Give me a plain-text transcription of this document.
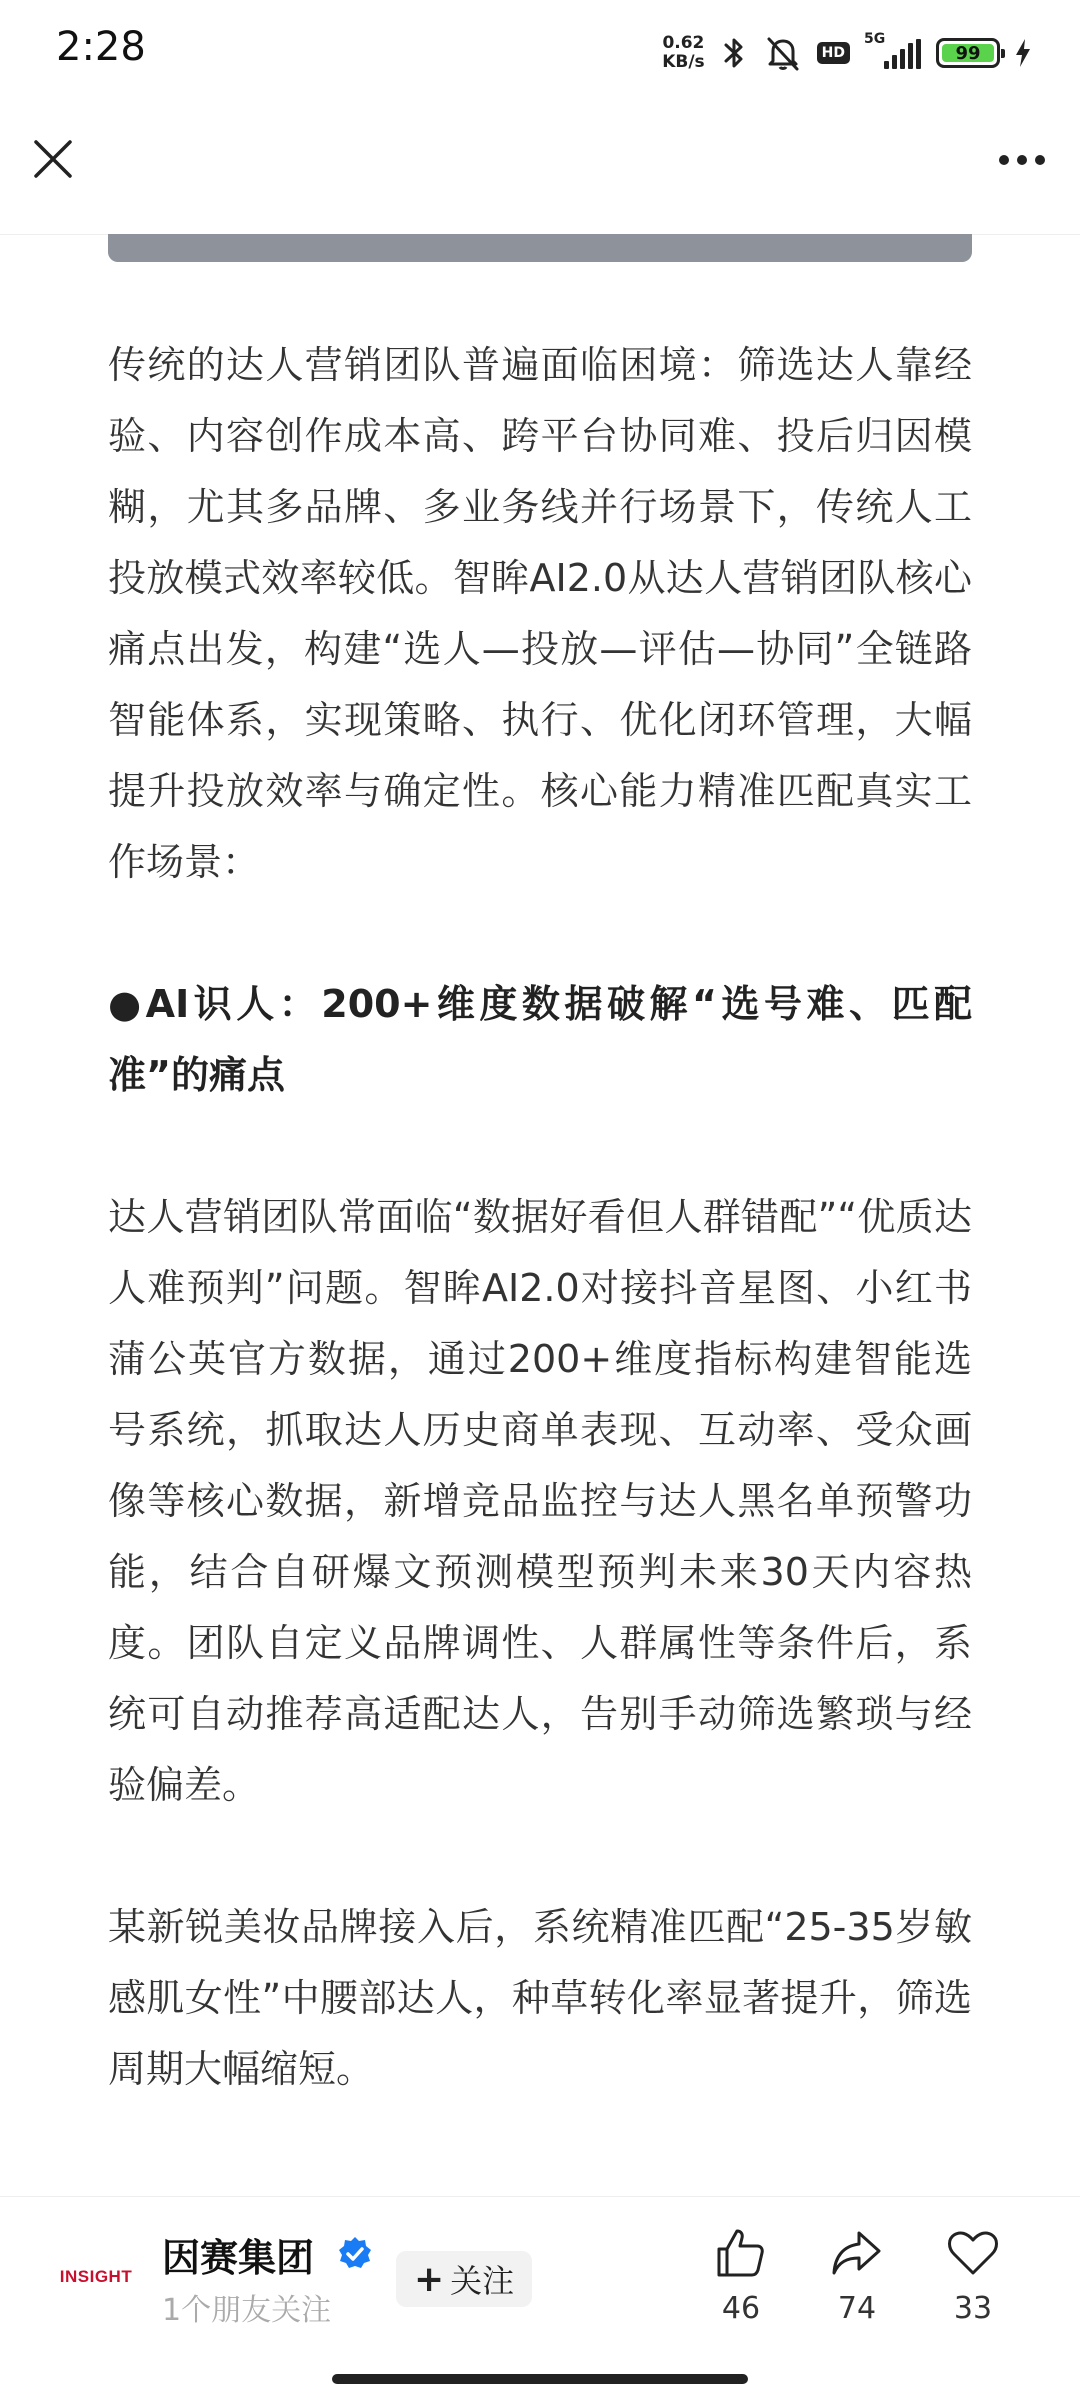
2:28	0.62
KB/s	HD
5G
99

传统的达人营销团队普遍面临困境：筛选达人靠经验、内容创作成本高、跨平台协同难、投后归因模糊，尤其多品牌、多业务线并行场景下，传统人工投放模式效率较低。智眸AI2.0从达人营销团队核心痛点出发，构建“选人—投放—评估—协同”全链路智能体系，实现策略、执行、优化闭环管理，大幅提升投放效率与确定性。核心能力精准匹配真实工作场景：

●AI识人：200+维度数据破解“选号难、匹配准”的痛点

达人营销团队常面临“数据好看但人群错配”“优质达人难预判”问题。智眸AI2.0对接抖音星图、小红书蒲公英官方数据，通过200+维度指标构建智能选号系统，抓取达人历史商单表现、互动率、受众画像等核心数据，新增竞品监控与达人黑名单预警功能，结合自研爆文预测模型预判未来30天内容热度。团队自定义品牌调性、人群属性等条件后，系统可自动推荐高适配达人，告别手动筛选繁琐与经验偏差。

某新锐美妆品牌接入后，系统精准匹配“25-35岁敏感肌女性”中腰部达人，种草转化率显著提升，筛选周期大幅缩短。

INSIGHT 因赛集团
1个朋友关注
+ 关注
46	74	33
